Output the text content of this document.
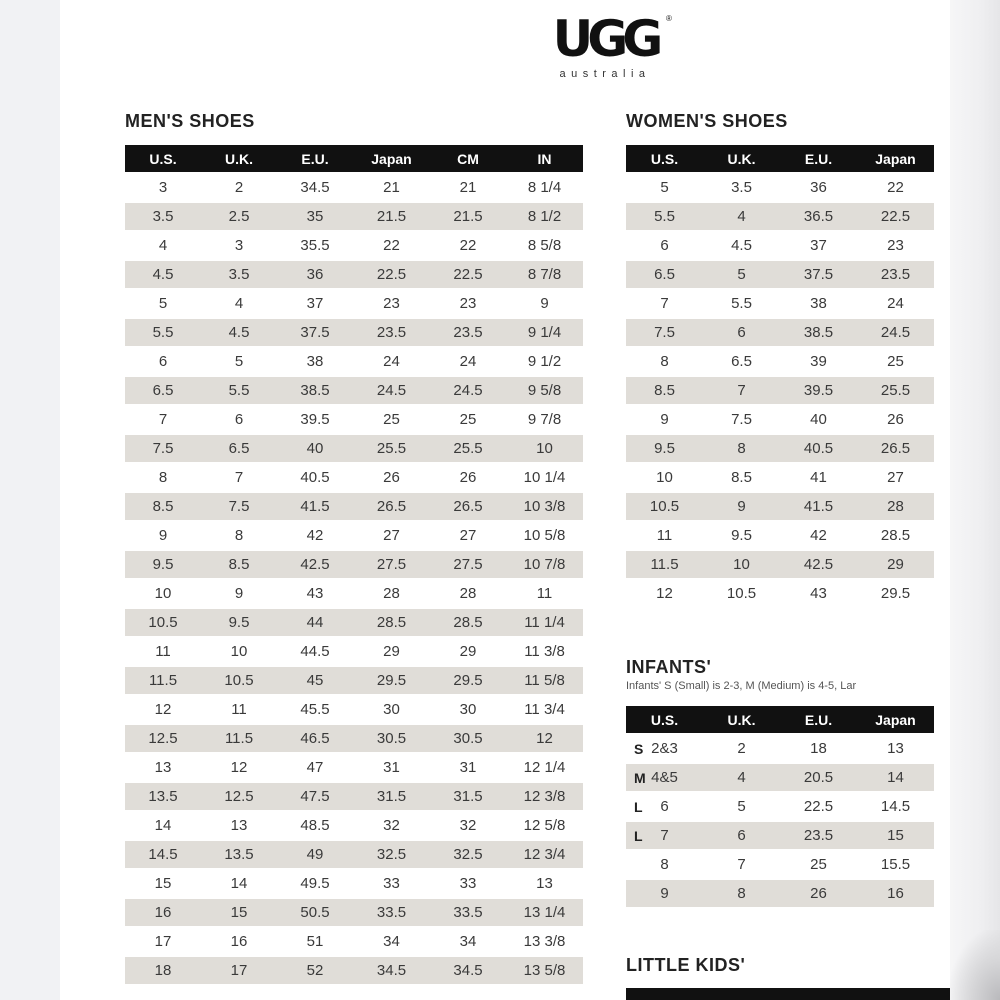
UGG	®
australia
MEN'S SHOES
U.S.	U.K.	E.U.	Japan	CM	IN
3	2	34.5	21	21	8 1/4
3.5	2.5	35	21.5	21.5	8 1/2
4	3	35.5	22	22	8 5/8
4.5	3.5	36	22.5	22.5	8 7/8
5	4	37	23	23	9
5.5	4.5	37.5	23.5	23.5	9 1/4
6	5	38	24	24	9 1/2
6.5	5.5	38.5	24.5	24.5	9 5/8
7	6	39.5	25	25	9 7/8
7.5	6.5	40	25.5	25.5	10
8	7	40.5	26	26	10 1/4
8.5	7.5	41.5	26.5	26.5	10 3/8
9	8	42	27	27	10 5/8
9.5	8.5	42.5	27.5	27.5	10 7/8
10	9	43	28	28	11
10.5	9.5	44	28.5	28.5	11 1/4
11	10	44.5	29	29	11 3/8
11.5	10.5	45	29.5	29.5	11 5/8
12	11	45.5	30	30	11 3/4
12.5	11.5	46.5	30.5	30.5	12
13	12	47	31	31	12 1/4
13.5	12.5	47.5	31.5	31.5	12 3/8
14	13	48.5	32	32	12 5/8
14.5	13.5	49	32.5	32.5	12 3/4
15	14	49.5	33	33	13
16	15	50.5	33.5	33.5	13 1/4
17	16	51	34	34	13 3/8
18	17	52	34.5	34.5	13 5/8
WOMEN'S SHOES
U.S.	U.K.	E.U.	Japan
5	3.5	36	22
5.5	4	36.5	22.5
6	4.5	37	23
6.5	5	37.5	23.5
7	5.5	38	24
7.5	6	38.5	24.5
8	6.5	39	25
8.5	7	39.5	25.5
9	7.5	40	26
9.5	8	40.5	26.5
10	8.5	41	27
10.5	9	41.5	28
11	9.5	42	28.5
11.5	10	42.5	29
12	10.5	43	29.5
INFANTS'
Infants' S (Small) is 2-3, M (Medium) is 4-5, Lar
U.S.	U.K.	E.U.	Japan

S 2&3	2	18	13

M 4&5	4	20.5	14

L 6	5	22.5	14.5

L 7	6	23.5	15

8	7	25	15.5

9	8	26	16
LITTLE KIDS'
